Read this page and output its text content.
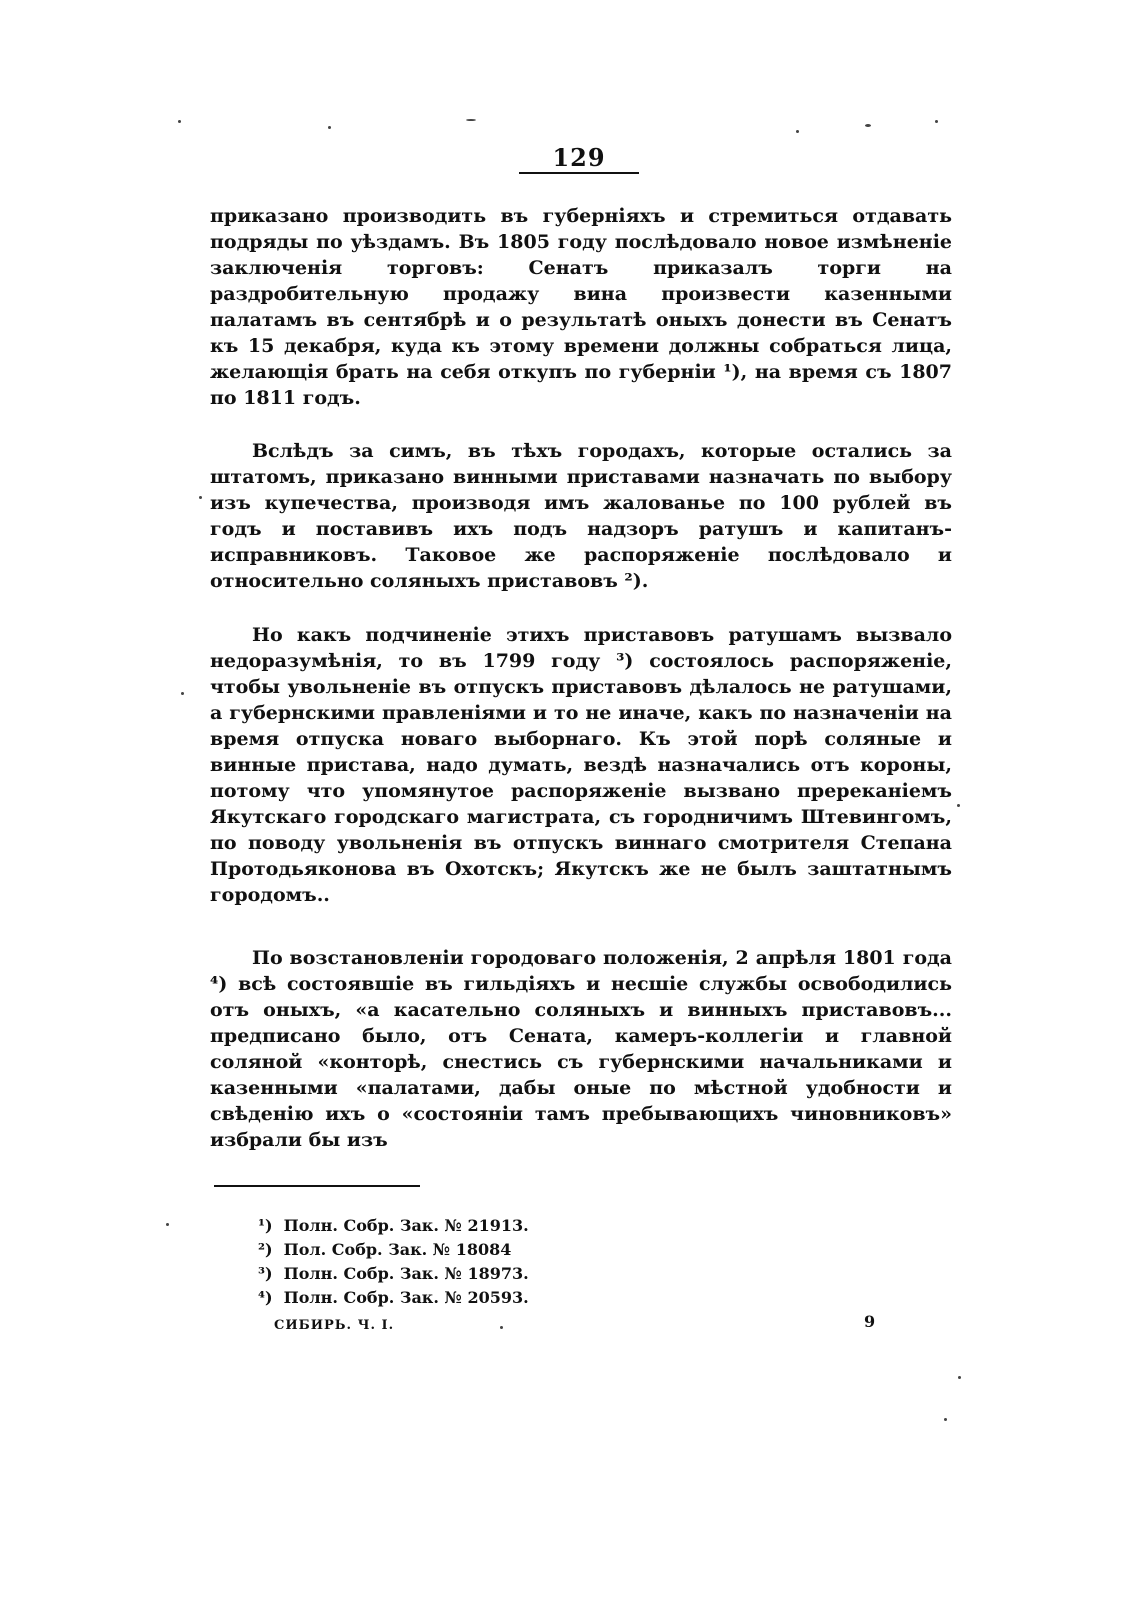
129

приказано производить въ губерніяхъ и стремиться отдавать подряды по уѣздамъ. Въ 1805 году послѣдовало новое измѣненіе заключенія торговъ: Сенатъ приказалъ торги на раздробительную продажу вина произвести казенными палатамъ въ сентябрѣ и о результатѣ оныхъ донести въ Сенатъ къ 15 декабря, куда къ этому времени должны собраться лица, желающія брать на себя откупъ по губерніи ¹), на время съ 1807 по 1811 годъ.

Вслѣдъ за симъ, въ тѣхъ городахъ, которые остались за штатомъ, приказано винными приставами назначать по выбору изъ купечества, производя имъ жалованье по 100 рублей въ годъ и поставивъ ихъ подъ надзоръ ратушъ и капитанъ-исправниковъ. Таковое же распоряженіе послѣдовало и относительно соляныхъ приставовъ ²).

Но какъ подчиненіе этихъ приставовъ ратушамъ вызвало недоразумѣнія, то въ 1799 году ³) состоялось распоряженіе, чтобы увольненіе въ отпускъ приставовъ дѣлалось не ратушами, а губернскими правленіями и то не иначе, какъ по назначеніи на время отпуска новаго выборнаго. Къ этой порѣ соляные и винные пристава, надо думать, вездѣ назначались отъ короны, потому что упомянутое распоряженіе вызвано пререканіемъ Якутскаго городскаго магистрата, съ городничимъ Штевингомъ, по поводу увольненія въ отпускъ виннаго смотрителя Степана Протодьяконова въ Охотскъ; Якутскъ же не былъ заштатнымъ городомъ..

По возстановленіи городоваго положенія, 2 апрѣля 1801 года ⁴) всѣ состоявшіе въ гильдіяхъ и несшіе службы освободились отъ оныхъ, «а касательно соляныхъ и винныхъ приставовъ... предписано было, отъ Сената, камеръ-коллегіи и главной соляной «конторѣ, снестись съ губернскими начальниками и казенными «палатами, дабы оные по мѣстной удобности и свѣденію ихъ о «состояніи тамъ пребывающихъ чиновниковъ» избрали бы изъ

¹) Полн. Собр. Зак. № 21913.
²) Пол. Собр. Зак. № 18084
³) Полн. Собр. Зак. № 18973.
⁴) Полн. Собр. Зак. № 20593.
СИБИРЬ. Ч. I.	9
